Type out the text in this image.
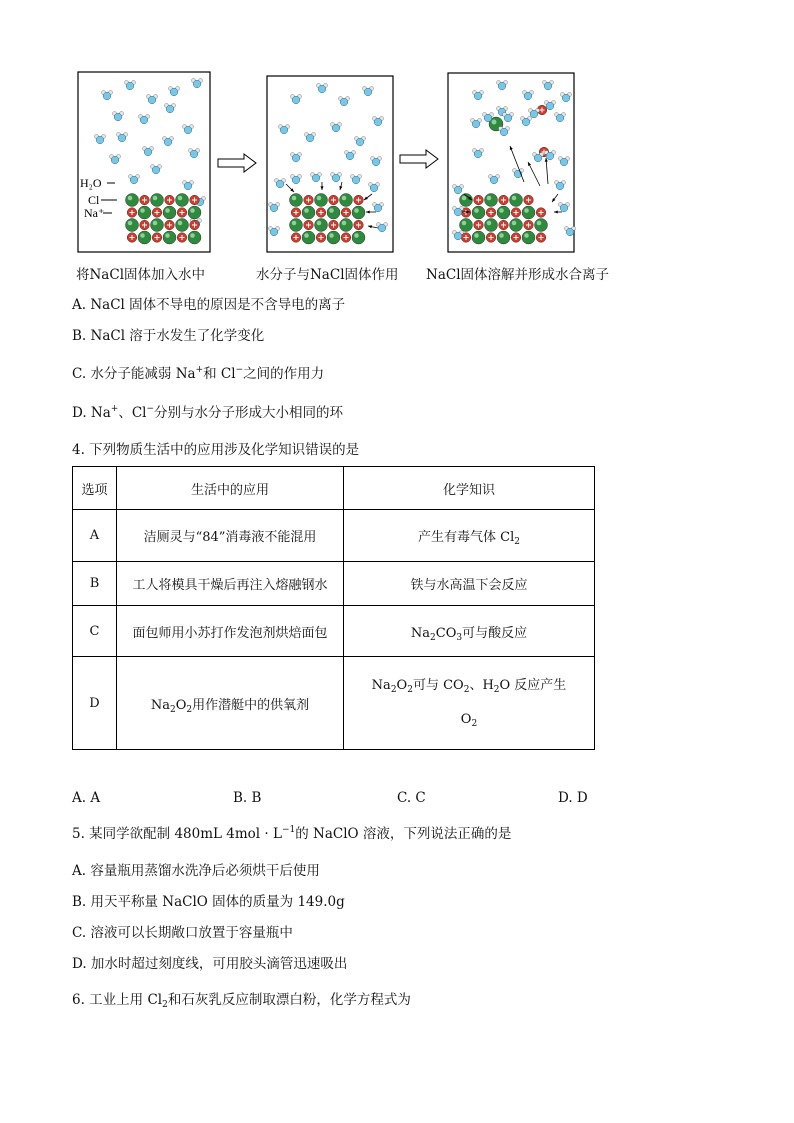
H₂O
Cl
Na⁺
将NaCl固体加入水中	水分子与NaCl固体作用 NaCl固体溶解并形成水合离子
A. NaCl 固体不导电的原因是不含导电的离子
B. NaCl 溶于水发生了化学变化
C. 水分子能减弱 Na+和 Cl−之间的作用力
D. Na+、Cl−分别与水分子形成大小相同的环
4. 下列物质生活中的应用涉及化学知识错误的是
选项	生活中的应用	化学知识
A	洁厕灵与“84”消毒液不能混用	产生有毒气体 $Cl_2$
B	工人将模具干燥后再注入熔融钢水	铁与水高温下会反应
C	面包师用小苏打作发泡剂烘焙面包	$Na_2CO_3$可与酸反应
D	$Na_2O_2$用作潜艇中的供氧剂	$Na_2O_2$可与 $CO_2$、$H_2O$ 反应产生
$O_2$
A. A	B. B	C. C	D. D
5. 某同学欲配制 480mL $4mol \cdot L^{-1}$的 NaClO 溶液，下列说法正确的是
A. 容量瓶用蒸馏水洗净后必须烘干后使用
B. 用天平称量 NaClO 固体的质量为 149.0g
C. 溶液可以长期敞口放置于容量瓶中
D. 加水时超过刻度线，可用胶头滴管迅速吸出
6. 工业上用 $Cl_2$和石灰乳反应制取漂白粉，化学方程式为
